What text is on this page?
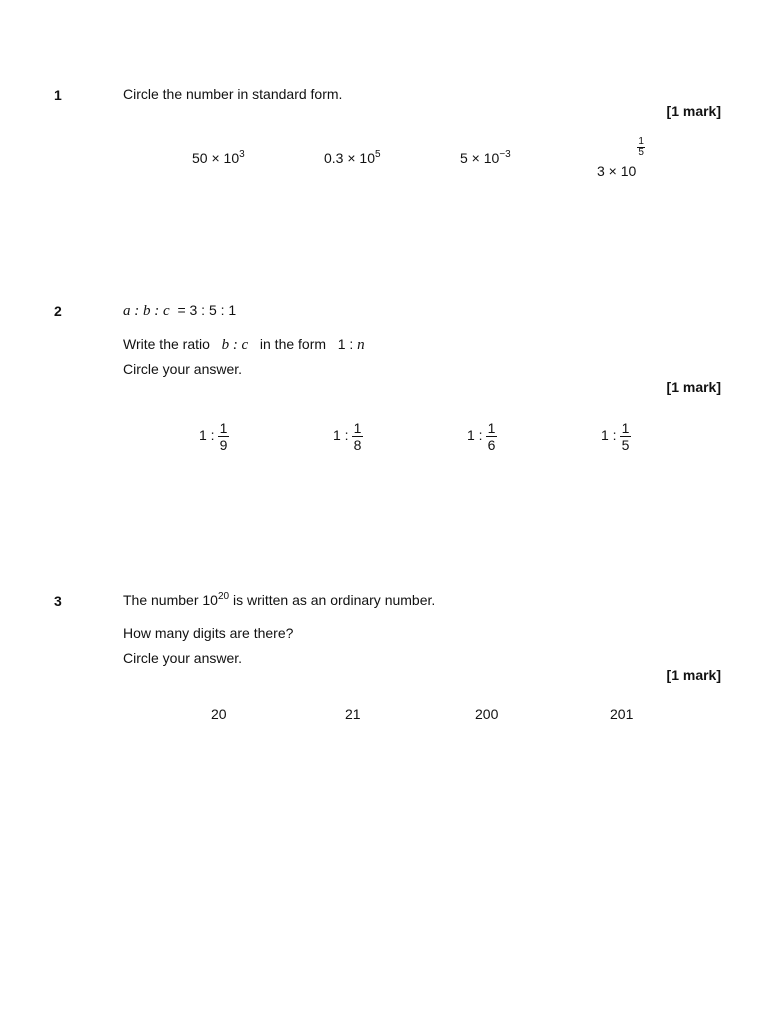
1	Circle the number in standard form.
[1 mark]
$50 \times 10^3$	$0.3 \times 10^5$	$5 \times 10^{-3}$
3 × 10
$\frac{1}{5}$
2	a : b : c = 3 : 5 : 1
Write the ratio b : c in the form 1 : n
Circle your answer.
[1 mark]
1 : $\frac{1}{9}$	1 : $\frac{1}{8}$	1 : $\frac{1}{6}$	1 : $\frac{1}{5}$
3	The number $10^{20}$ is written as an ordinary number.
How many digits are there?
Circle your answer.
[1 mark]
20	21	200	201
